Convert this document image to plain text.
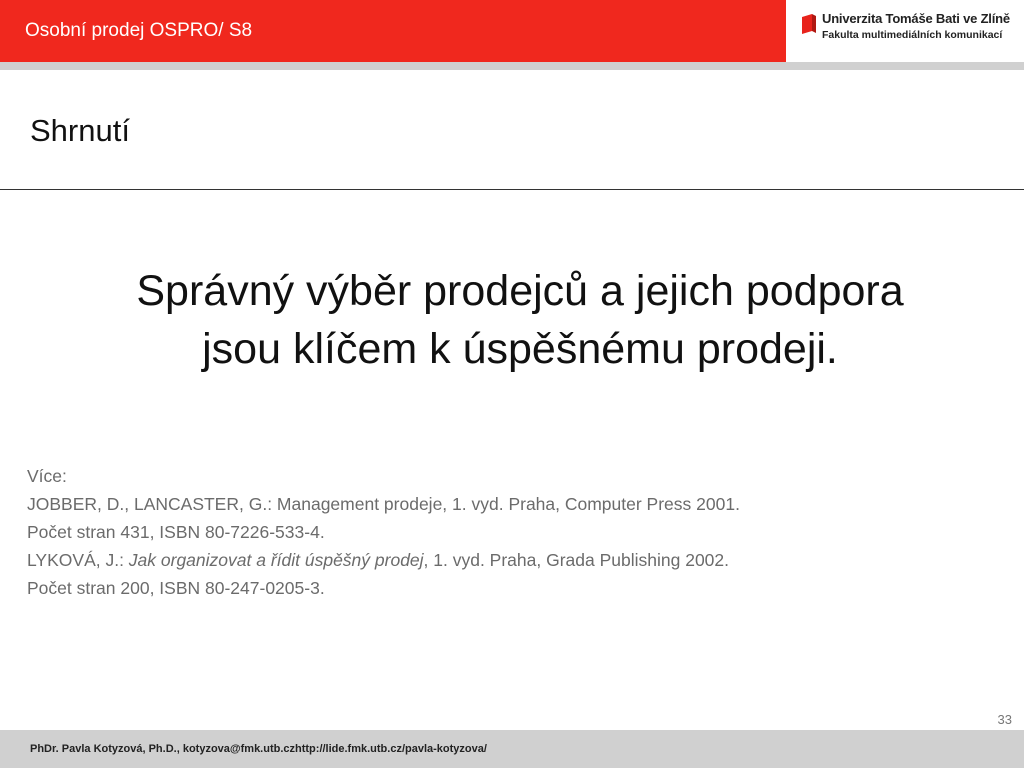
Osobní prodej OSPRO/ S8
Univerzita Tomáše Bati ve Zlíně
Fakulta multimediálních komunikací
Shrnutí
Správný výběr prodejců a jejich podpora
jsou klíčem k úspěšnému prodeji.
Více:
JOBBER, D., LANCASTER, G.: Management prodeje, 1. vyd. Praha, Computer Press 2001.
Počet stran 431, ISBN 80-7226-533-4.
LYKOVÁ, J.: Jak organizovat a řídit úspěšný prodej, 1. vyd. Praha, Grada Publishing 2002.
Počet stran 200, ISBN 80-247-0205-3.
33
PhDr. Pavla Kotyzová, Ph.D., kotyzova@fmk.utb.czhttp://lide.fmk.utb.cz/pavla-kotyzova/
